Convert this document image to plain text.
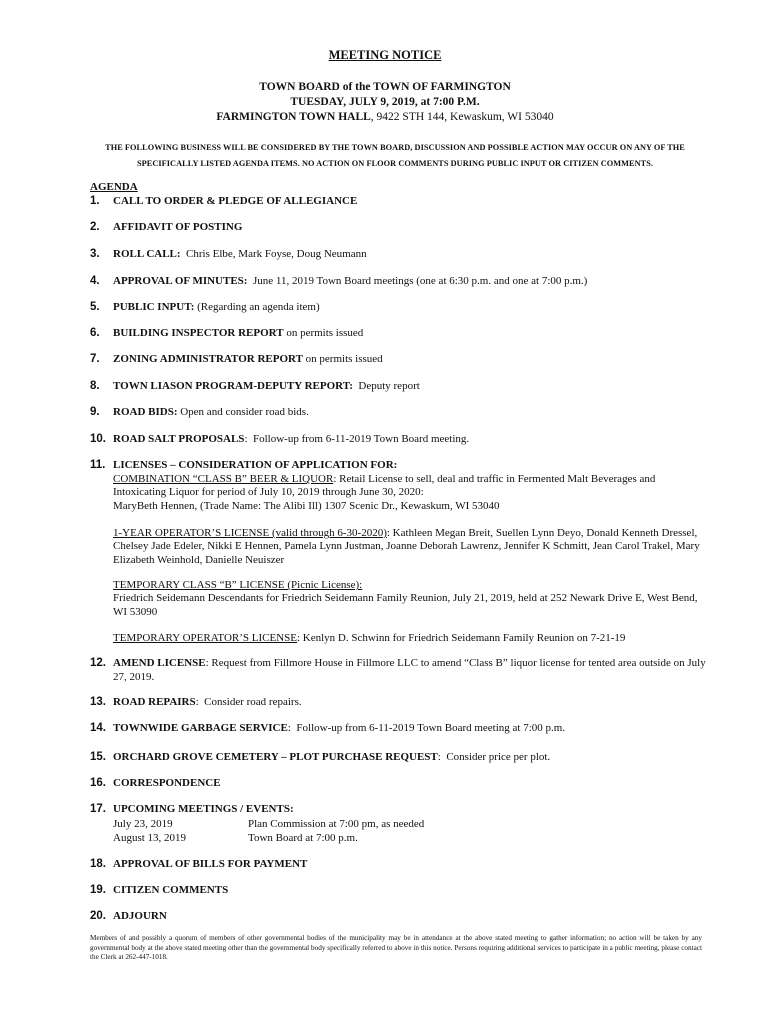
MEETING NOTICE
TOWN BOARD of the TOWN OF FARMINGTON
TUESDAY, JULY 9, 2019, at 7:00 P.M.
FARMINGTON TOWN HALL, 9422 STH 144, Kewaskum, WI 53040
THE FOLLOWING BUSINESS WILL BE CONSIDERED BY THE TOWN BOARD, DISCUSSION AND POSSIBLE ACTION MAY OCCUR ON ANY OF THE SPECIFICALLY LISTED AGENDA ITEMS. NO ACTION ON FLOOR COMMENTS DURING PUBLIC INPUT OR CITIZEN COMMENTS.
AGENDA
1. CALL TO ORDER & PLEDGE OF ALLEGIANCE
2. AFFIDAVIT OF POSTING
3. ROLL CALL:  Chris Elbe, Mark Foyse, Doug Neumann
4. APPROVAL OF MINUTES:  June 11, 2019 Town Board meetings (one at 6:30 p.m. and one at 7:00 p.m.)
5. PUBLIC INPUT: (Regarding an agenda item)
6. BUILDING INSPECTOR REPORT on permits issued
7. ZONING ADMINISTRATOR REPORT on permits issued
8. TOWN LIASON PROGRAM-DEPUTY REPORT:  Deputy report
9. ROAD BIDS: Open and consider road bids.
10. ROAD SALT PROPOSALS:  Follow-up from 6-11-2019 Town Board meeting.
11. LICENSES – CONSIDERATION OF APPLICATION FOR:
COMBINATION “CLASS B” BEER & LIQUOR: Retail License to sell, deal and traffic in Fermented Malt Beverages and Intoxicating Liquor for period of July 10, 2019 through June 30, 2020:
MaryBeth Hennen, (Trade Name: The Alibi Ill) 1307 Scenic Dr., Kewaskum, WI 53040
1-YEAR OPERATOR’S LICENSE (valid through 6-30-2020): Kathleen Megan Breit, Suellen Lynn Deyo, Donald Kenneth Dressel, Chelsey Jade Edeler, Nikki E Hennen, Pamela Lynn Justman, Joanne Deborah Lawrenz, Jennifer K Schmitt, Jean Carol Trakel, Mary Elizabeth Weinhold, Danielle Neuiszer
TEMPORARY CLASS “B” LICENSE (Picnic License):
Friedrich Seidemann Descendants for Friedrich Seidemann Family Reunion, July 21, 2019, held at 252 Newark Drive E, West Bend, WI 53090
TEMPORARY OPERATOR’S LICENSE: Kenlyn D. Schwinn for Friedrich Seidemann Family Reunion on 7-21-19
12. AMEND LICENSE: Request from Fillmore House in Fillmore LLC to amend “Class B” liquor license for tented area outside on July 27, 2019.
13. ROAD REPAIRS:  Consider road repairs.
14. TOWNWIDE GARBAGE SERVICE:  Follow-up from 6-11-2019 Town Board meeting at 7:00 p.m.
15. ORCHARD GROVE CEMETERY – PLOT PURCHASE REQUEST:  Consider price per plot.
16. CORRESPONDENCE
17. UPCOMING MEETINGS / EVENTS:
July 23, 2019	Plan Commission at 7:00 pm, as needed
August 13, 2019	Town Board at 7:00 p.m.
18. APPROVAL OF BILLS FOR PAYMENT
19. CITIZEN COMMENTS
20. ADJOURN
Members of and possibly a quorum of members of other governmental bodies of the municipality may be in attendance at the above stated meeting to gather information; no action will be taken by any governmental body at the above stated meeting other than the governmental body specifically referred to above in this notice. Persons requiring additional services to participate in a public meeting, please contact the Clerk at 262-447-1018.
